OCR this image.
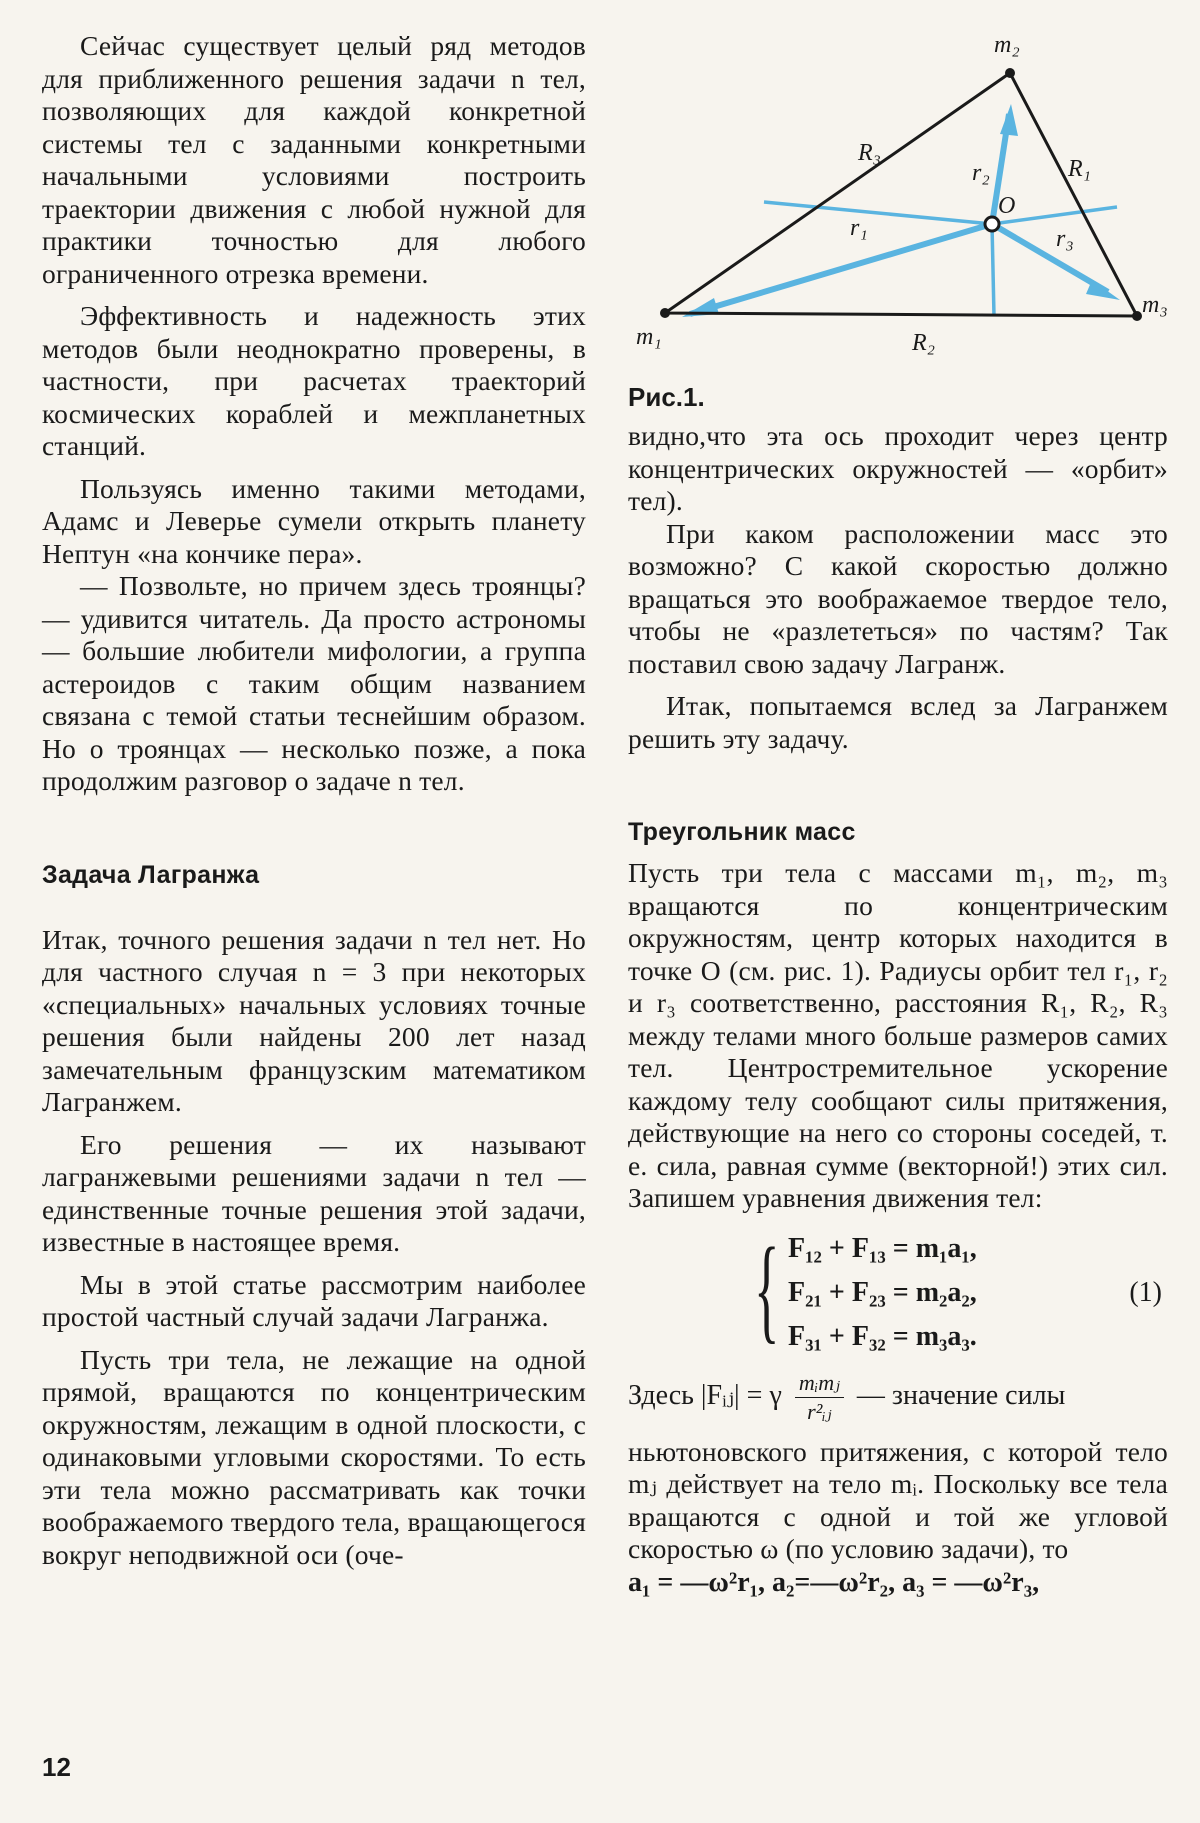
Сейчас существует целый ряд методов для приближенного решения задачи n тел, позволяющих для каждой конкретной системы тел с заданными конкретными начальными условиями построить траектории движения с любой нужной для практики точностью для любого ограниченного отрезка времени.

Эффективность и надежность этих методов были неоднократно проверены, в частности, при расчетах траекторий космических кораблей и межпланетных станций.

Пользуясь именно такими методами, Адамс и Леверье сумели открыть планету Нептун «на кончике пера».

— Позвольте, но причем здесь троянцы? — удивится читатель. Да просто астрономы — большие любители мифологии, а группа астероидов с таким общим названием связана с темой статьи теснейшим образом. Но о троянцах — несколько позже, а пока продолжим разговор о задаче n тел.

Задача Лагранжа

Итак, точного решения задачи n тел нет. Но для частного случая n = 3 при некоторых «специальных» начальных условиях точные решения были найдены 200 лет назад замечательным французским математиком Лагранжем.

Его решения — их называют лагранжевыми решениями задачи n тел — единственные точные решения этой задачи, известные в настоящее время.

Мы в этой статье рассмотрим наиболее простой частный случай задачи Лагранжа.

Пусть три тела, не лежащие на одной прямой, вращаются по концентрическим окружностям, лежащим в одной плоскости, с одинаковыми угловыми скоростями. То есть эти тела можно рассматривать как точки воображаемого твердого тела, вращающегося вокруг неподвижной оси (оче-

m₁
m₂
m₃
R₁
R₂
R₃
r₁
r₂
r₃
O
Рис.1.

видно,что эта ось проходит через центр концентрических окружностей — «орбит» тел).

При каком расположении масс это возможно? С какой скоростью должно вращаться это воображаемое твердое тело, чтобы не «разлететься» по частям? Так поставил свою задачу Лагранж.

Итак, попытаемся вслед за Лагранжем решить эту задачу.

Треугольник масс

Пусть три тела с массами m₁, m₂, m₃ вращаются по концентрическим окружностям, центр которых находится в точке O (см. рис. 1). Радиусы орбит тел r₁, r₂ и r₃ соответственно, расстояния R₁, R₂, R₃ между телами много больше размеров самих тел. Центростремительное ускорение каждому телу сообщают силы притяжения, действующие на него со стороны соседей, т. е. сила, равная сумме (векторной!) этих сил. Запишем уравнения движения тел:

{ F₁₂ + F₁₃ = m₁a₁,
F₂₁ + F₂₃ = m₂a₂,
F₃₁ + F₃₂ = m₃a₃.
(1)
Здесь |Fᵢⱼ| = γ $\frac{\text{mᵢmⱼ}}{\text{r²ᵢⱼ}}$ — значение силы

ньютоновского притяжения, с которой тело mⱼ действует на тело mᵢ. Поскольку все тела вращаются с одной и той же угловой скоростью ω (по условию задачи), то

a₁ = —ω²r₁, a₂=—ω²r₂, a₃ = —ω²r₃,
12
